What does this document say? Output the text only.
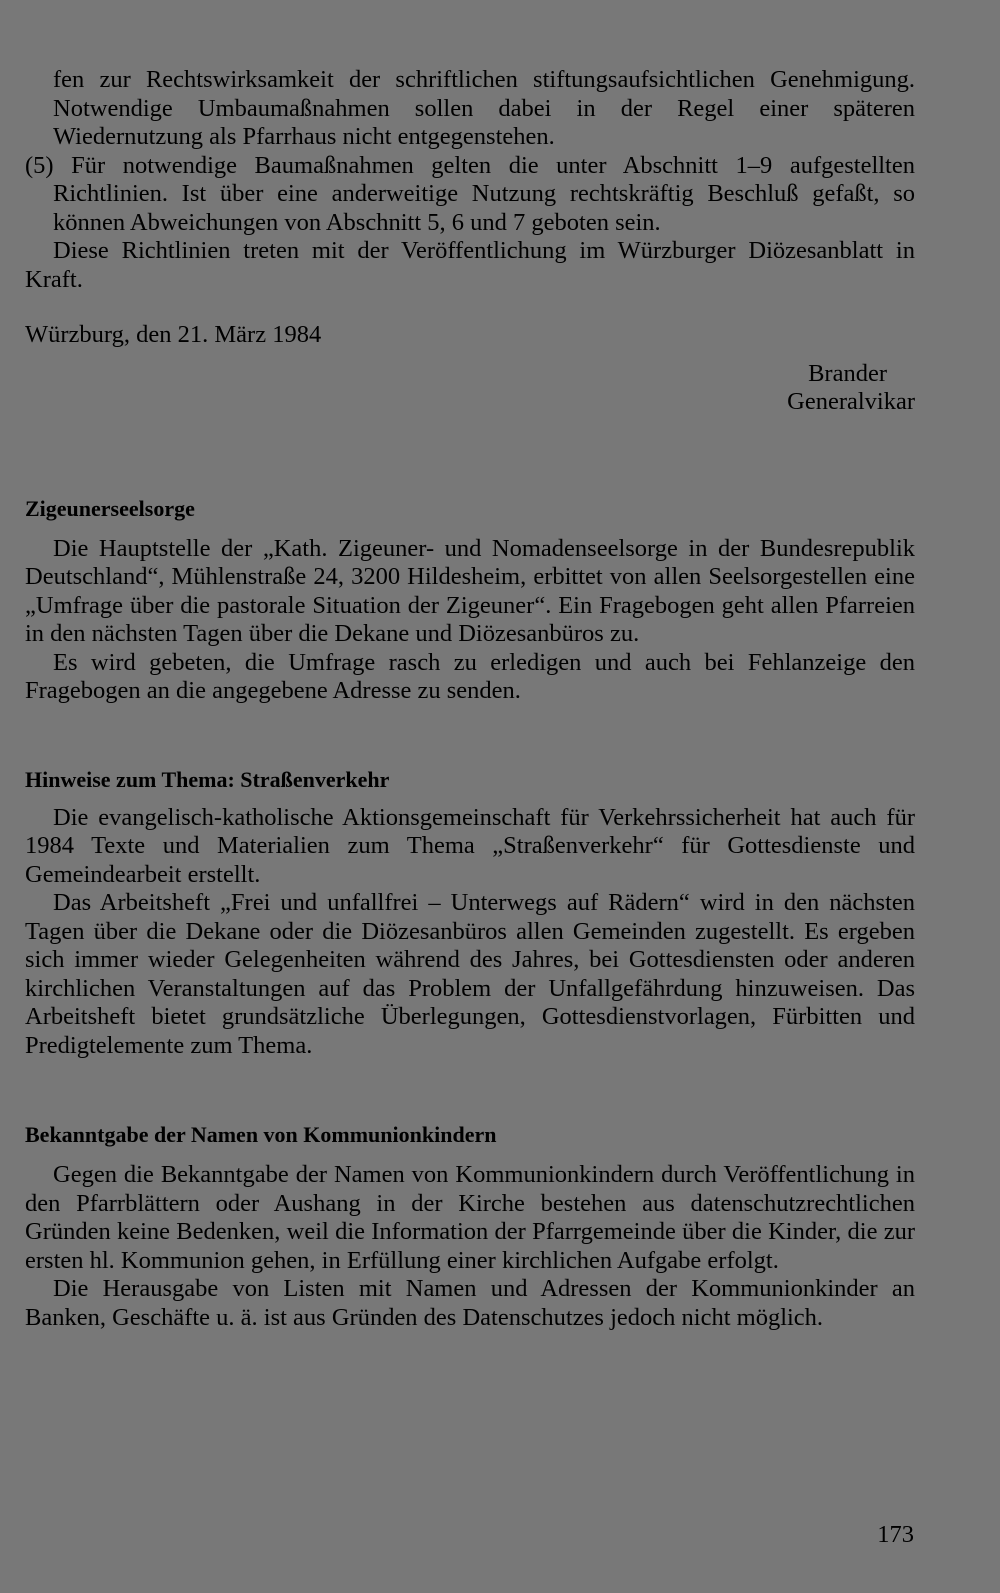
fen zur Rechtswirksamkeit der schriftlichen stiftungsaufsichtlichen Genehmigung. Notwendige Umbaumaßnahmen sollen dabei in der Regel einer späteren Wiedernutzung als Pfarrhaus nicht entgegenstehen.

(5) Für notwendige Baumaßnahmen gelten die unter Abschnitt 1–9 aufgestellten Richtlinien. Ist über eine anderweitige Nutzung rechtskräftig Beschluß gefaßt, so können Abweichungen von Abschnitt 5, 6 und 7 geboten sein.

Diese Richtlinien treten mit der Veröffentlichung im Würzburger Diözesanblatt in Kraft.

Würzburg, den 21. März 1984
Brander
Generalvikar
Zigeunerseelsorge

Die Hauptstelle der „Kath. Zigeuner- und Nomadenseelsorge in der Bundesrepublik Deutschland“, Mühlenstraße 24, 3200 Hildesheim, erbittet von allen Seelsorgestellen eine „Umfrage über die pastorale Situation der Zigeuner“. Ein Fragebogen geht allen Pfarreien in den nächsten Tagen über die Dekane und Diözesanbüros zu.

Es wird gebeten, die Umfrage rasch zu erledigen und auch bei Fehlanzeige den Fragebogen an die angegebene Adresse zu senden.

Hinweise zum Thema: Straßenverkehr

Die evangelisch-katholische Aktionsgemeinschaft für Verkehrssicherheit hat auch für 1984 Texte und Materialien zum Thema „Straßenverkehr“ für Gottesdienste und Gemeindearbeit erstellt.

Das Arbeitsheft „Frei und unfallfrei – Unterwegs auf Rädern“ wird in den nächsten Tagen über die Dekane oder die Diözesanbüros allen Gemeinden zugestellt. Es ergeben sich immer wieder Gelegenheiten während des Jahres, bei Gottesdiensten oder anderen kirchlichen Veranstaltungen auf das Problem der Unfallgefährdung hinzuweisen. Das Arbeitsheft bietet grundsätzliche Überlegungen, Gottesdienstvorlagen, Fürbitten und Predigtelemente zum Thema.

Bekanntgabe der Namen von Kommunionkindern

Gegen die Bekanntgabe der Namen von Kommunionkindern durch Veröffentlichung in den Pfarrblättern oder Aushang in der Kirche bestehen aus datenschutzrechtlichen Gründen keine Bedenken, weil die Information der Pfarrgemeinde über die Kinder, die zur ersten hl. Kommunion gehen, in Erfüllung einer kirchlichen Aufgabe erfolgt.

Die Herausgabe von Listen mit Namen und Adressen der Kommunionkinder an Banken, Geschäfte u. ä. ist aus Gründen des Datenschutzes jedoch nicht möglich.

173
